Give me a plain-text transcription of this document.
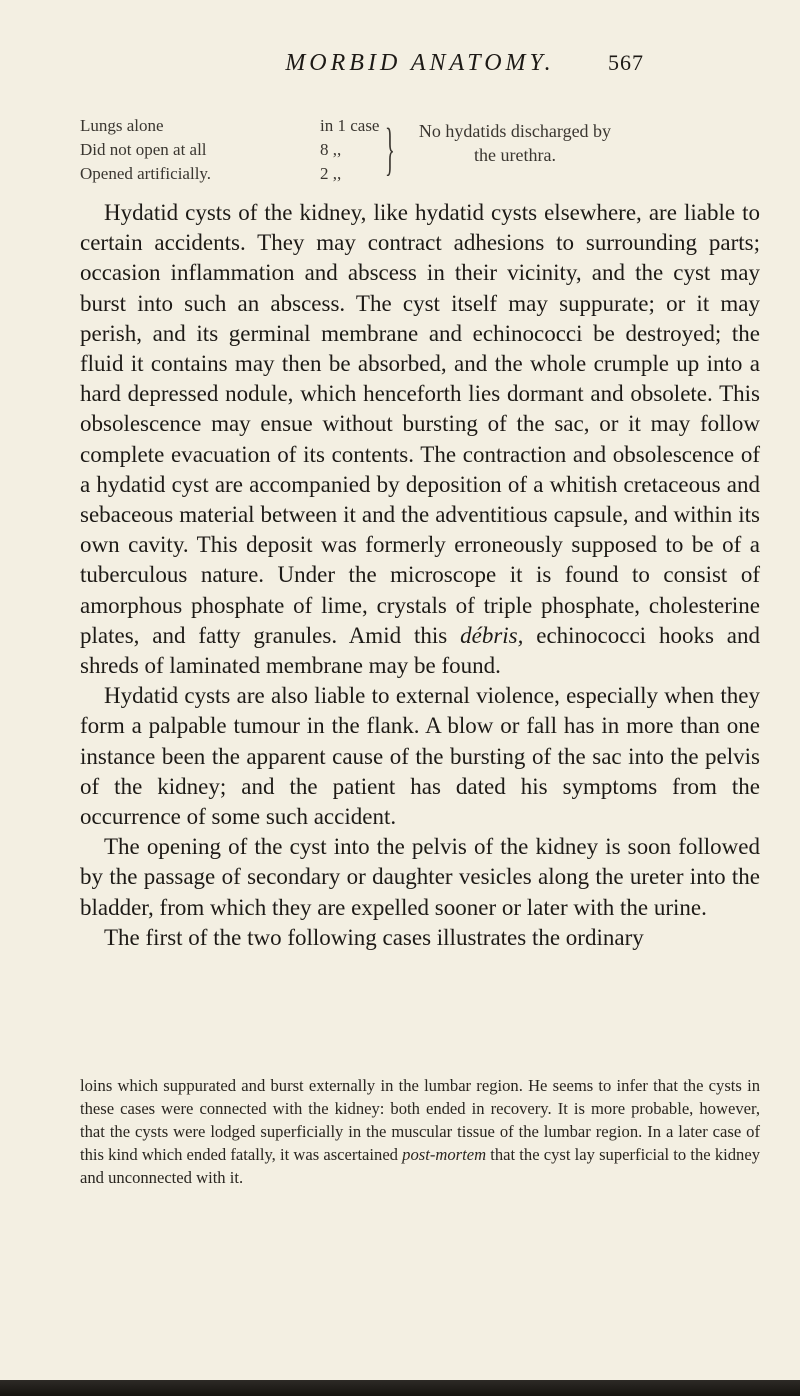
MORBID ANATOMY.	567
Lungs alone	in 1 case
Did not open at all	8 ,,
Opened artificially.	2 ,, }	No hydatids discharged by the urethra.

Hydatid cysts of the kidney, like hydatid cysts elsewhere, are liable to certain accidents. They may contract adhesions to surrounding parts; occasion inflammation and abscess in their vicinity, and the cyst may burst into such an abscess. The cyst itself may suppurate; or it may perish, and its germinal membrane and echinococci be destroyed; the fluid it contains may then be absorbed, and the whole crumple up into a hard depressed nodule, which henceforth lies dormant and obsolete. This obsolescence may ensue without bursting of the sac, or it may follow complete evacuation of its contents. The contraction and obsolescence of a hydatid cyst are accompanied by deposition of a whitish cretaceous and sebaceous material between it and the adventitious capsule, and within its own cavity. This deposit was formerly erroneously supposed to be of a tuberculous nature. Under the microscope it is found to consist of amorphous phosphate of lime, crystals of triple phosphate, cholesterine plates, and fatty granules. Amid this débris, echinococci hooks and shreds of laminated membrane may be found.

Hydatid cysts are also liable to external violence, especially when they form a palpable tumour in the flank. A blow or fall has in more than one instance been the apparent cause of the bursting of the sac into the pelvis of the kidney; and the patient has dated his symptoms from the occurrence of some such accident.

The opening of the cyst into the pelvis of the kidney is soon followed by the passage of secondary or daughter vesicles along the ureter into the bladder, from which they are expelled sooner or later with the urine.

The first of the two following cases illustrates the ordinary

loins which suppurated and burst externally in the lumbar region. He seems to infer that the cysts in these cases were connected with the kidney: both ended in recovery. It is more probable, however, that the cysts were lodged superficially in the muscular tissue of the lumbar region. In a later case of this kind which ended fatally, it was ascertained post-mortem that the cyst lay superficial to the kidney and unconnected with it.
